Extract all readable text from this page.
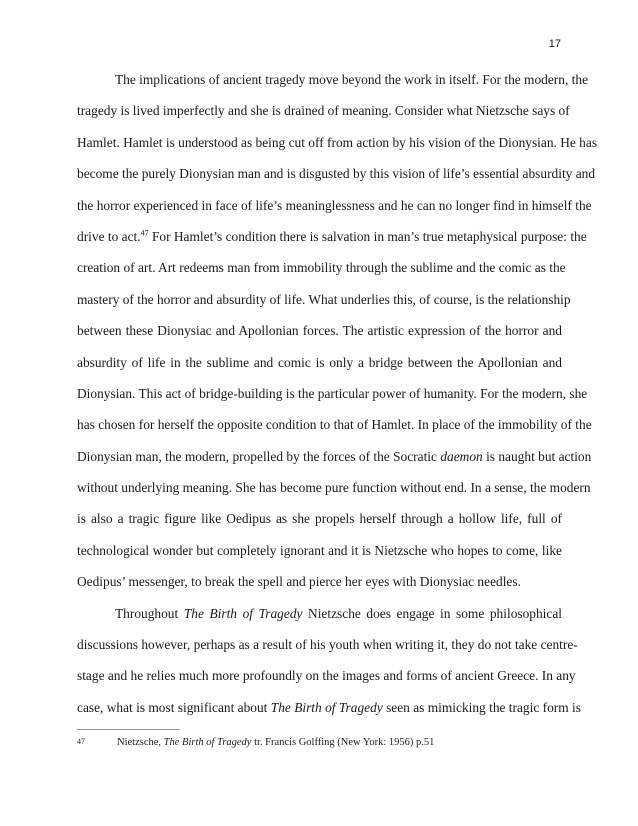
17
The implications of ancient tragedy move beyond the work in itself. For the modern, the
tragedy is lived imperfectly and she is drained of meaning. Consider what Nietzsche says of
Hamlet. Hamlet is understood as being cut off from action by his vision of the Dionysian. He has
become the purely Dionysian man and is disgusted by this vision of life’s essential absurdity and
the horror experienced in face of life’s meaninglessness and he can no longer find in himself the
drive to act.$^{47}$ For Hamlet’s condition there is salvation in man’s true metaphysical purpose: the
creation of art. Art redeems man from immobility through the sublime and the comic as the
mastery of the horror and absurdity of life. What underlies this, of course, is the relationship
between these Dionysiac and Apollonian forces. The artistic expression of the horror and
absurdity of life in the sublime and comic is only a bridge between the Apollonian and
Dionysian. This act of bridge-building is the particular power of humanity. For the modern, she
has chosen for herself the opposite condition to that of Hamlet. In place of the immobility of the
Dionysian man, the modern, propelled by the forces of the Socratic daemon is naught but action
without underlying meaning. She has become pure function without end. In a sense, the modern
is also a tragic figure like Oedipus as she propels herself through a hollow life, full of
technological wonder but completely ignorant and it is Nietzsche who hopes to come, like
Oedipus’ messenger, to break the spell and pierce her eyes with Dionysiac needles.
Throughout The Birth of Tragedy Nietzsche does engage in some philosophical
discussions however, perhaps as a result of his youth when writing it, they do not take centre-
stage and he relies much more profoundly on the images and forms of ancient Greece. In any
case, what is most significant about The Birth of Tragedy seen as mimicking the tragic form is
47	Nietzsche, The Birth of Tragedy tr. Francis Golffing (New York: 1956) p.51
